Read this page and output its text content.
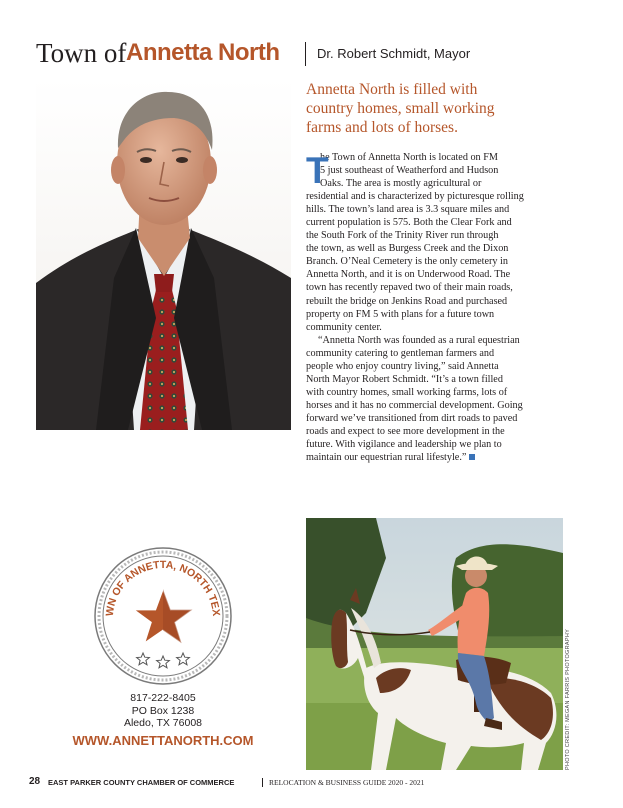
Town of Annetta North	Dr. Robert Schmidt, Mayor
Annetta North is filled with
country homes, small working
farms and lots of horses.
T
he Town of Annetta North is located on FM
5 just southeast of Weatherford and Hudson
Oaks. The area is mostly agricultural or
residential and is characterized by picturesque rolling
hills. The town’s land area is 3.3 square miles and
current population is 575. Both the Clear Fork and
the South Fork of the Trinity River run through
the town, as well as Burgess Creek and the Dixon
Branch. O’Neal Cemetery is the only cemetery in
Annetta North, and it is on Underwood Road. The
town has recently repaved two of their main roads,
rebuilt the bridge on Jenkins Road and purchased
property on FM 5 with plans for a future town
community center.
“Annetta North was founded as a rural equestrian
community catering to gentleman farmers and
people who enjoy country living,” said Annetta
North Mayor Robert Schmidt. “It’s a town filled
with country homes, small working farms, lots of
horses and it has no commercial development. Going
forward we’ve transitioned from dirt roads to paved
roads and expect to see more development in the
future. With vigilance and leadership we plan to
maintain our equestrian rural lifestyle.”
WN OF ANNETTA, NORTH TEX
817-222-8405
PO Box 1238
Aledo, TX 76008
WWW.ANNETTANORTH.COM	PHOTO CREDIT: MEGAN FARRIS PHOTOGRAPHY
28 EAST PARKER COUNTY CHAMBER OF COMMERCE	RELOCATION & BUSINESS GUIDE 2020 - 2021
